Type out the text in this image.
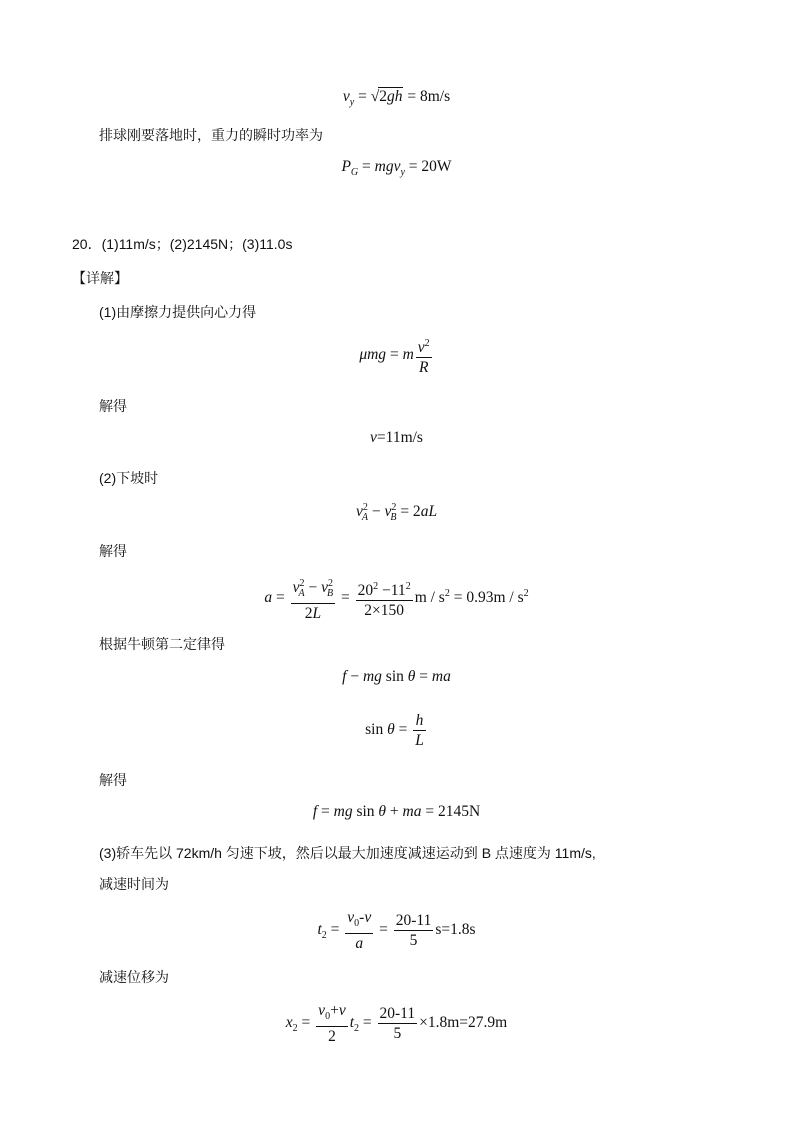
$v_y = √2gh = 8m/s$
排球刚要落地时，重力的瞬时功率为
$P_G = mgv_y = 20W$
20．(1)11m/s；(2)2145N；(3)11.0s
【详解】
(1)由摩擦力提供向心力得
μmg = m $\frac{v^2}{R}$
解得
v=11m/s
(2)下坡时
$v^2_A - v^2_B = 2aL$
解得
$a = \frac{v^2_A - v^2_B}{2L} = \frac{20^2 -11^2}{2\times 150}$ $m / s^2 = 0.93m / s^2$
根据牛顿第二定律得
f − mg sin θ = ma
$\sin \theta = \frac{h}{L}$
解得
f = mg sin θ + ma = 2145N
(3)轿车先以 72km/h 匀速下坡，然后以最大加速度减速运动到 B 点速度为 11m/s,
减速时间为
$t_2 = \frac{v_0-v}{a} = \frac{20-11}{5} s=1.8s$
减速位移为
$x_2 = \frac{v_0+v}{2} t_2 = \frac{20-11}{5} \times 1.8m=27.9m$
